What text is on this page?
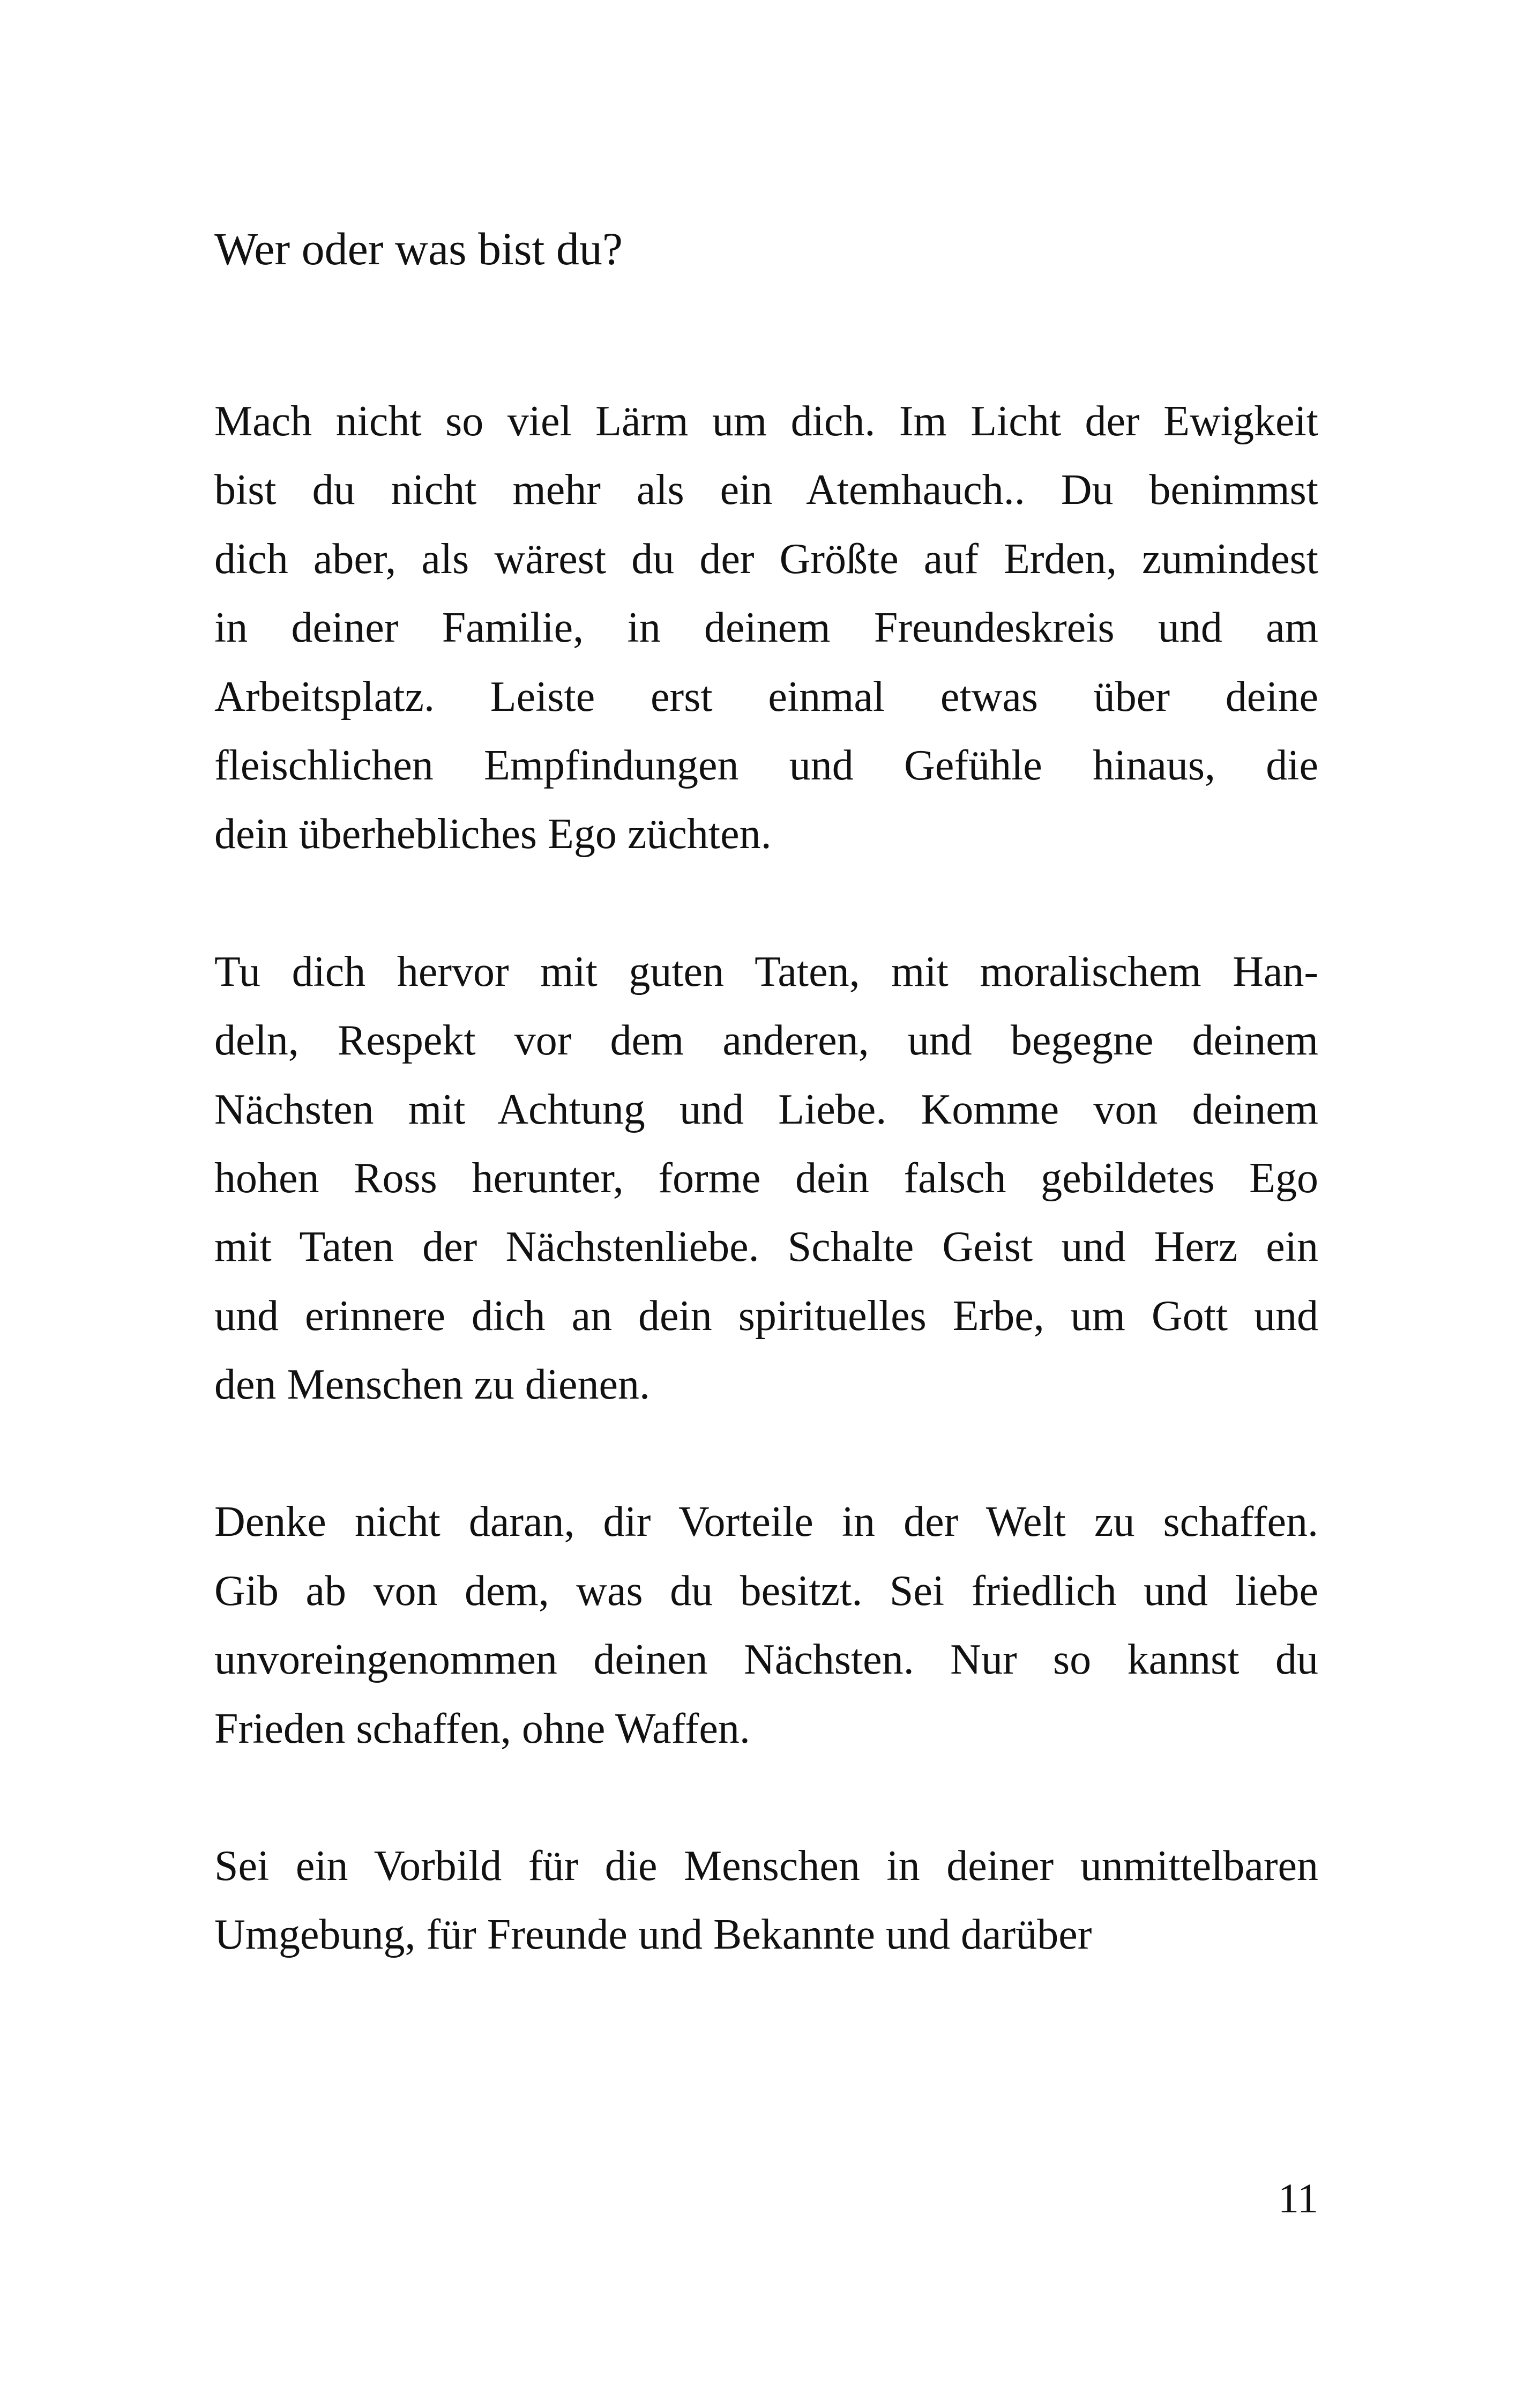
Wer oder was bist du?

Mach nicht so viel Lärm um dich. Im Licht der Ewigkeit
bist du nicht mehr als ein Atemhauch.. Du benimmst
dich aber, als wärest du der Größte auf Erden, zumindest
in deiner Familie, in deinem Freundeskreis und am
Arbeitsplatz. Leiste erst einmal etwas über deine
fleischlichen Empfindungen und Gefühle hinaus, die
dein überhebliches Ego züchten.

Tu dich hervor mit guten Taten, mit moralischem Han-
deln, Respekt vor dem anderen, und begegne deinem
Nächsten mit Achtung und Liebe. Komme von deinem
hohen Ross herunter, forme dein falsch gebildetes Ego
mit Taten der Nächstenliebe. Schalte Geist und Herz ein
und erinnere dich an dein spirituelles Erbe, um Gott und
den Menschen zu dienen.

Denke nicht daran, dir Vorteile in der Welt zu schaffen.
Gib ab von dem, was du besitzt. Sei friedlich und liebe
unvoreingenommen deinen Nächsten. Nur so kannst du
Frieden schaffen, ohne Waffen.

Sei ein Vorbild für die Menschen in deiner unmittelbaren
Umgebung, für Freunde und Bekannte und darüber

11
